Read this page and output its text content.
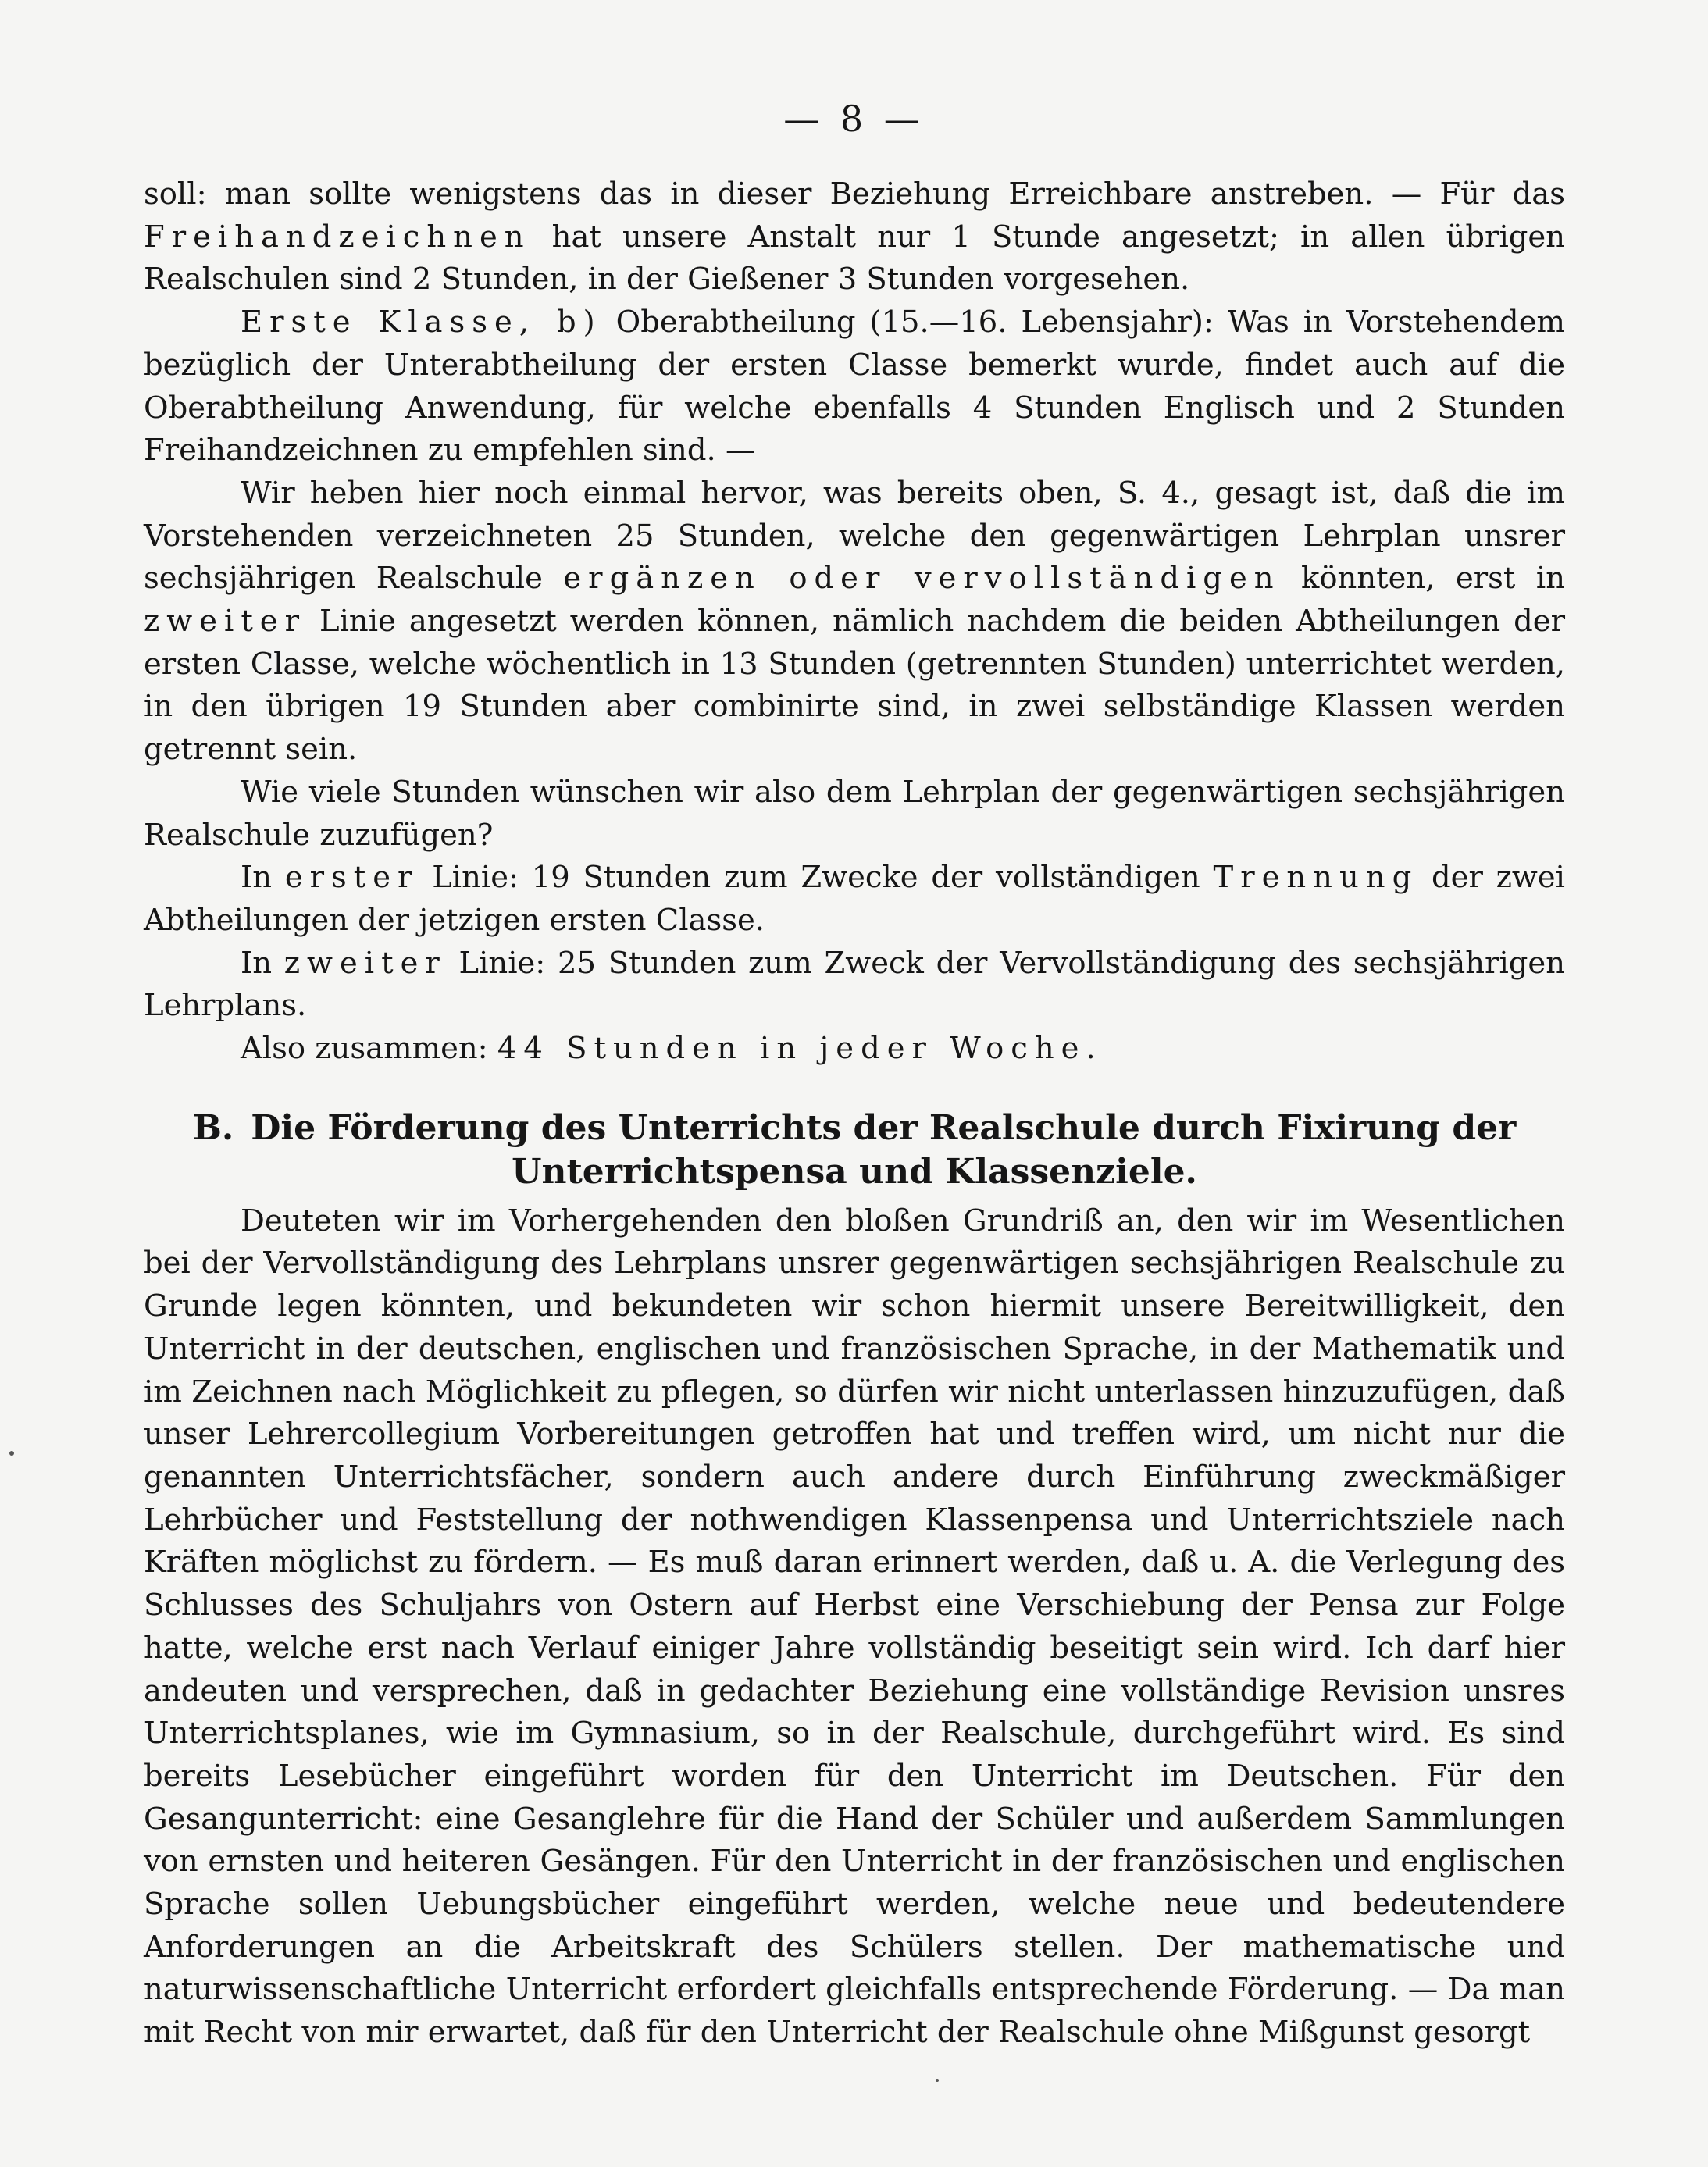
— 8 —

soll: man sollte wenigstens das in dieser Beziehung Erreichbare anstreben. — Für das Freihandzeichnen hat unsere Anstalt nur 1 Stunde angesetzt; in allen übrigen Realschulen sind 2 Stunden, in der Gießener 3 Stunden vorgesehen.

Erste Klasse, b) Oberabtheilung (15.—16. Lebensjahr): Was in Vorstehendem bezüglich der Unterabtheilung der ersten Classe bemerkt wurde, findet auch auf die Oberabtheilung Anwendung, für welche ebenfalls 4 Stunden Englisch und 2 Stunden Freihandzeichnen zu empfehlen sind. —

Wir heben hier noch einmal hervor, was bereits oben, S. 4., gesagt ist, daß die im Vorstehenden verzeichneten 25 Stunden, welche den gegenwärtigen Lehrplan unsrer sechsjährigen Realschule ergänzen oder vervollständigen könnten, erst in zweiter Linie angesetzt werden können, nämlich nachdem die beiden Abtheilungen der ersten Classe, welche wöchentlich in 13 Stunden (getrennten Stunden) unterrichtet werden, in den übrigen 19 Stunden aber combinirte sind, in zwei selbständige Klassen werden getrennt sein.

Wie viele Stunden wünschen wir also dem Lehrplan der gegenwärtigen sechsjährigen Realschule zuzufügen?

In erster Linie: 19 Stunden zum Zwecke der vollständigen Trennung der zwei Abtheilungen der jetzigen ersten Classe.

In zweiter Linie: 25 Stunden zum Zweck der Vervollständigung des sechsjährigen Lehrplans.

Also zusammen: 44 Stunden in jeder Woche.

B. Die Förderung des Unterrichts der Realschule durch Fixirung der Unterrichtspensa und Klassenziele.

Deuteten wir im Vorhergehenden den bloßen Grundriß an, den wir im Wesentlichen bei der Vervollständigung des Lehrplans unsrer gegenwärtigen sechsjährigen Realschule zu Grunde legen könnten, und bekundeten wir schon hiermit unsere Bereitwilligkeit, den Unterricht in der deutschen, englischen und französischen Sprache, in der Mathematik und im Zeichnen nach Möglichkeit zu pflegen, so dürfen wir nicht unterlassen hinzuzufügen, daß unser Lehrercollegium Vorbereitungen getroffen hat und treffen wird, um nicht nur die genannten Unterrichtsfächer, sondern auch andere durch Einführung zweckmäßiger Lehrbücher und Feststellung der nothwendigen Klassenpensa und Unterrichtsziele nach Kräften möglichst zu fördern. — Es muß daran erinnert werden, daß u. A. die Verlegung des Schlusses des Schuljahrs von Ostern auf Herbst eine Verschiebung der Pensa zur Folge hatte, welche erst nach Verlauf einiger Jahre vollständig beseitigt sein wird. Ich darf hier andeuten und versprechen, daß in gedachter Beziehung eine vollständige Revision unsres Unterrichtsplanes, wie im Gymnasium, so in der Realschule, durchgeführt wird. Es sind bereits Lesebücher eingeführt worden für den Unterricht im Deutschen. Für den Gesangunterricht: eine Gesanglehre für die Hand der Schüler und außerdem Sammlungen von ernsten und heiteren Gesängen. Für den Unterricht in der französischen und englischen Sprache sollen Uebungsbücher eingeführt werden, welche neue und bedeutendere Anforderungen an die Arbeitskraft des Schülers stellen. Der mathematische und naturwissenschaftliche Unterricht erfordert gleichfalls entsprechende Förderung. — Da man mit Recht von mir erwartet, daß für den Unterricht der Realschule ohne Mißgunst gesorgt
